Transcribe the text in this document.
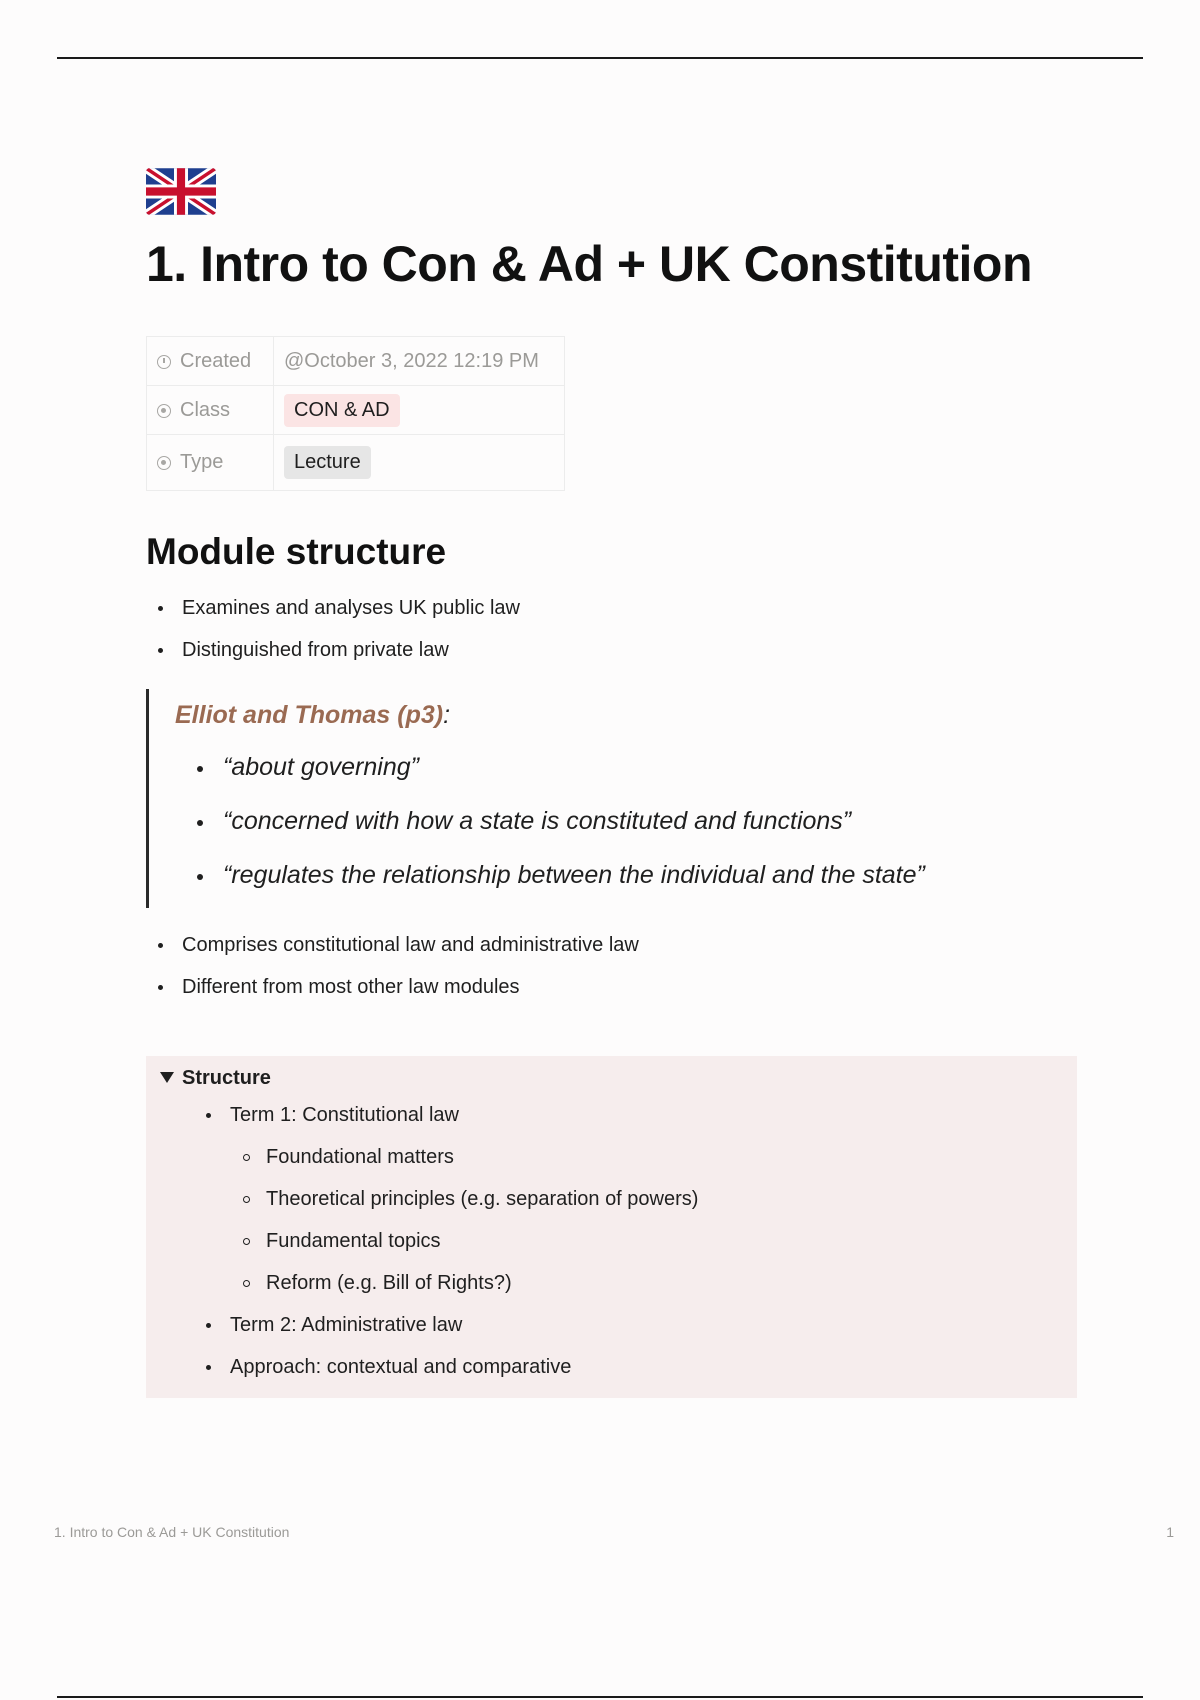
1. Intro to Con & Ad + UK Constitution
Created	@October 3, 2022 12:19 PM
Class	CON & AD
Type	Lecture
Module structure
Examines and analyses UK public law
Distinguished from private law
Elliot and Thomas (p3):
“about governing”
“concerned with how a state is constituted and functions”
“regulates the relationship between the individual and the state”
Comprises constitutional law and administrative law
Different from most other law modules
Structure
Term 1: Constitutional law
Foundational matters
Theoretical principles (e.g. separation of powers)
Fundamental topics
Reform (e.g. Bill of Rights?)
Term 2: Administrative law
Approach: contextual and comparative
1. Intro to Con & Ad + UK Constitution	1
